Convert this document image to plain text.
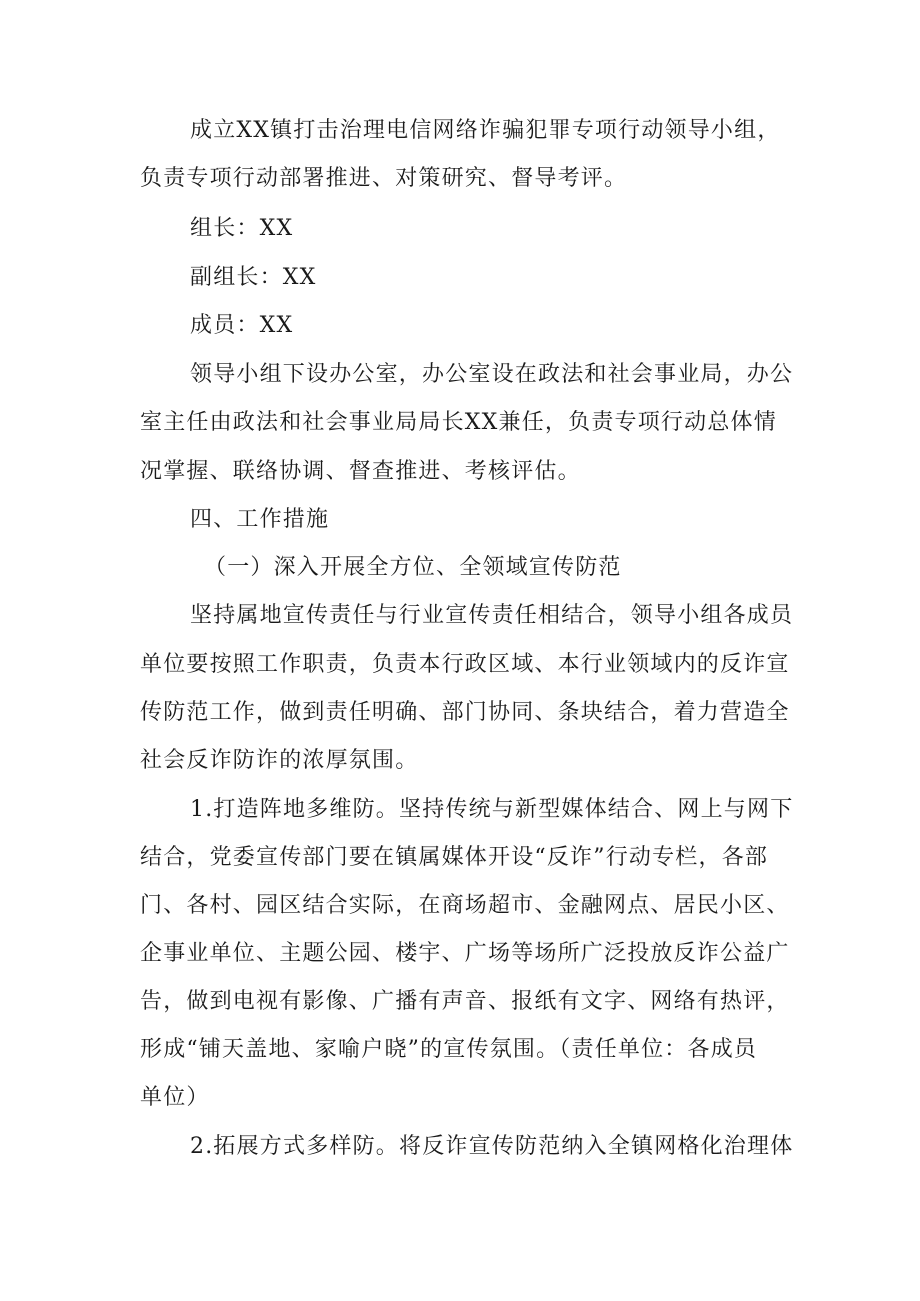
成立XX镇打击治理电信网络诈骗犯罪专项行动领导小组，
负责专项行动部署推进、对策研究、督导考评。
组长：XX
副组长：XX
成员：XX
领导小组下设办公室，办公室设在政法和社会事业局，办公
室主任由政法和社会事业局局长XX兼任，负责专项行动总体情
况掌握、联络协调、督查推进、考核评估。
四、工作措施
（一）深入开展全方位、全领域宣传防范
坚持属地宣传责任与行业宣传责任相结合，领导小组各成员
单位要按照工作职责，负责本行政区域、本行业领域内的反诈宣
传防范工作，做到责任明确、部门协同、条块结合，着力营造全
社会反诈防诈的浓厚氛围。
1.打造阵地多维防。坚持传统与新型媒体结合、网上与网下
结合，党委宣传部门要在镇属媒体开设“反诈”行动专栏，各部
门、各村、园区结合实际，在商场超市、金融网点、居民小区、
企事业单位、主题公园、楼宇、广场等场所广泛投放反诈公益广
告，做到电视有影像、广播有声音、报纸有文字、网络有热评，
形成“铺天盖地、家喻户晓”的宣传氛围。（责任单位：各成员
单位）
2.拓展方式多样防。将反诈宣传防范纳入全镇网格化治理体
